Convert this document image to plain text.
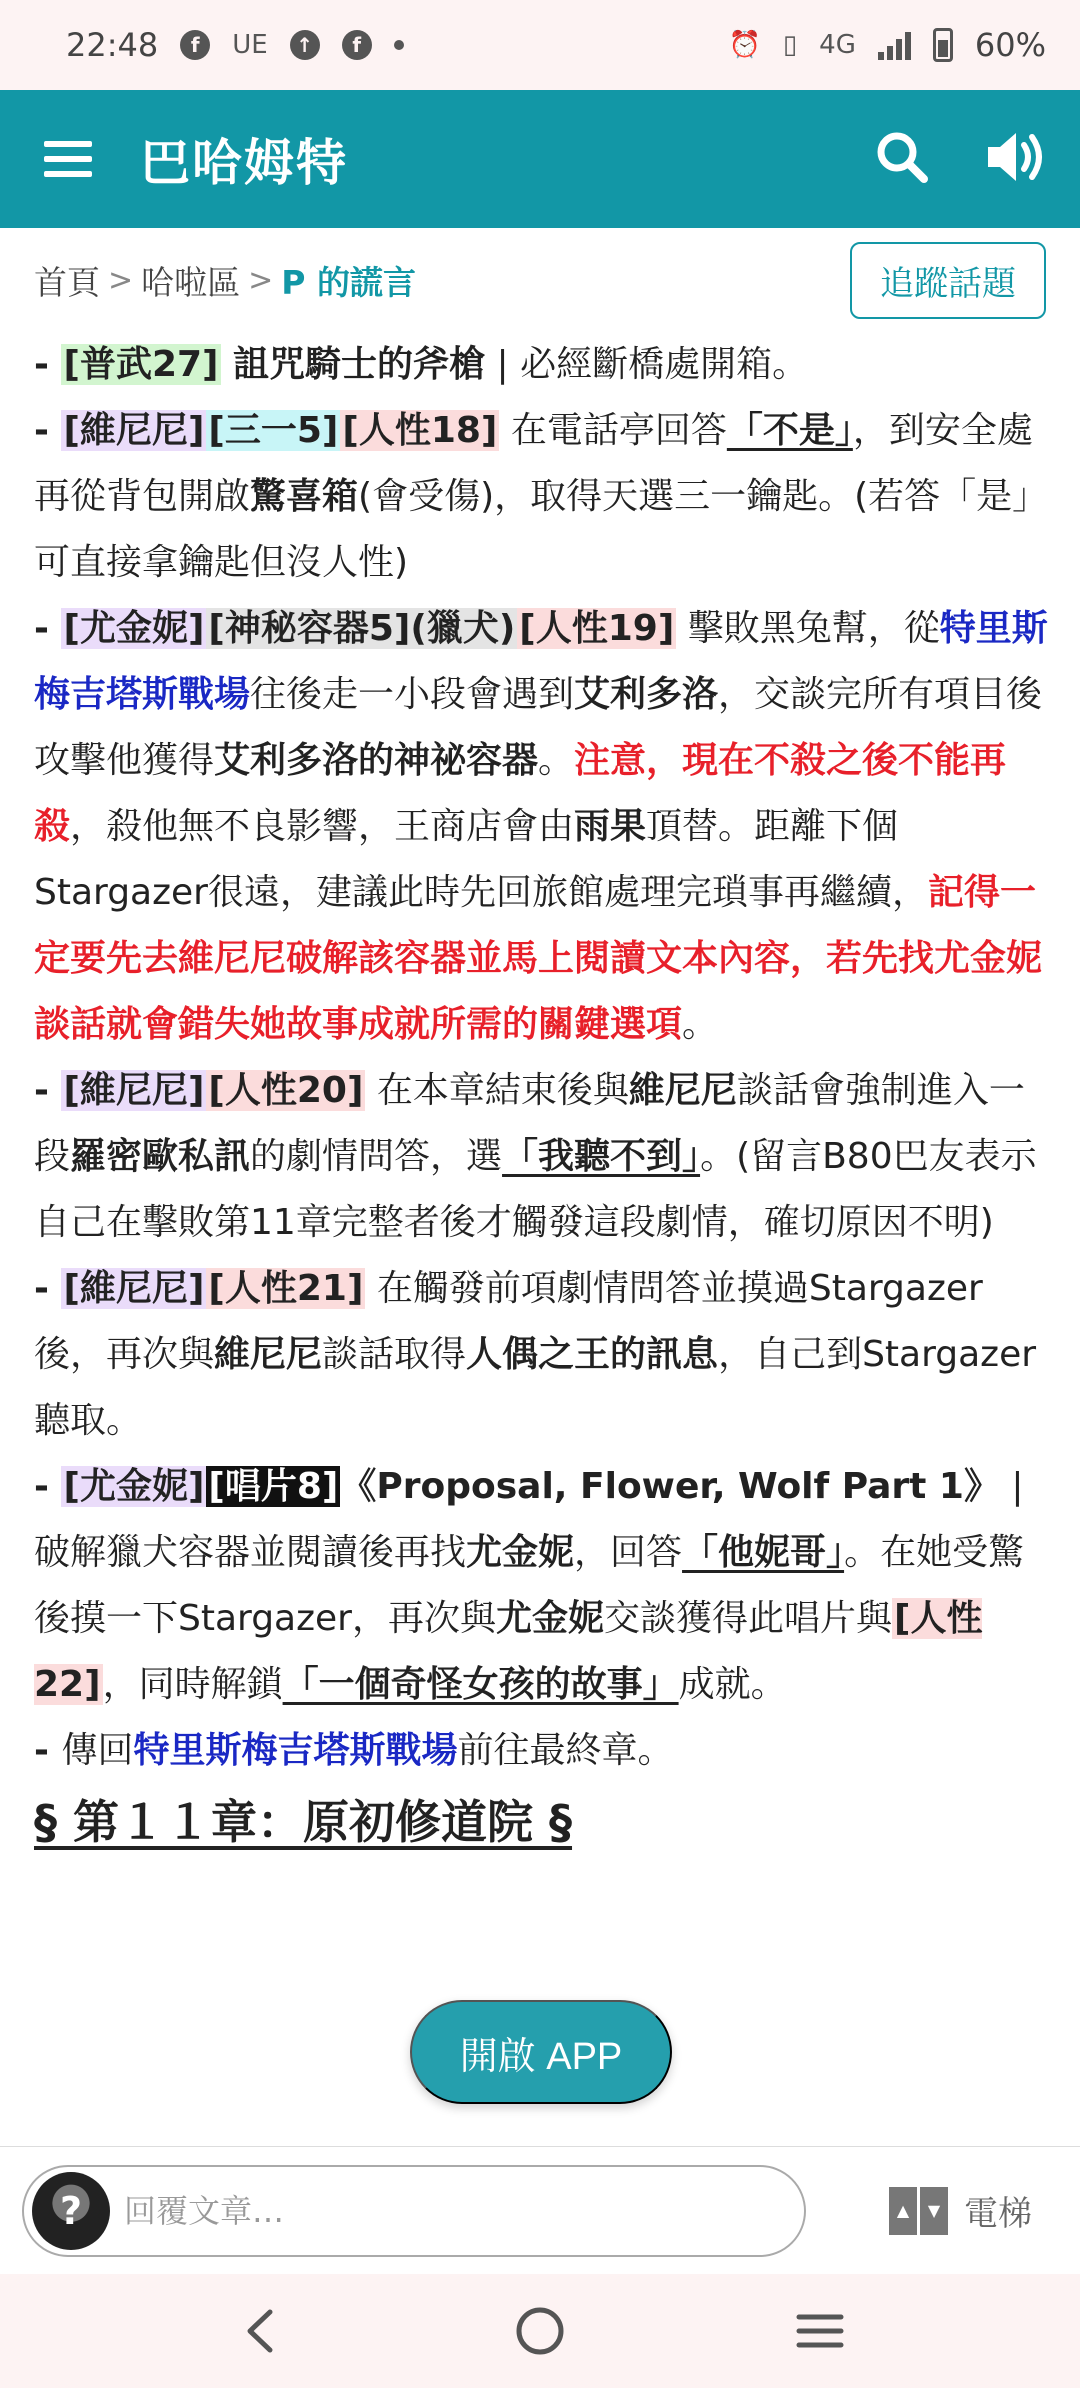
22:48	f	UE	↑	f	⏰ ▯ 4G	60%
巴哈姆特
首頁 > 哈啦區 > P 的謊言	追蹤話題

- [普武27] 詛咒騎士的斧槍 | 必經斷橋處開箱。

- [維尼尼] [三一5] [人性18] 在電話亭回答「不是」，到安全處再從背包開啟驚喜箱(會受傷)，取得天選三一鑰匙。(若答「是」可直接拿鑰匙但沒人性)

- [尤金妮] [神秘容器5](獵犬) [人性19] 擊敗黑兔幫，從特里斯梅吉塔斯戰場往後走一小段會遇到艾利多洛，交談完所有項目後攻擊他獲得艾利多洛的神祕容器。注意，現在不殺之後不能再殺，殺他無不良影響，王商店會由雨果頂替。距離下個Stargazer很遠，建議此時先回旅館處理完瑣事再繼續，記得一定要先去維尼尼破解該容器並馬上閱讀文本內容，若先找尤金妮談話就會錯失她故事成就所需的關鍵選項。

- [維尼尼] [人性20] 在本章結束後與維尼尼談話會強制進入一段羅密歐私訊的劇情問答，選「我聽不到」。(留言B80巴友表示自己在擊敗第11章完整者後才觸發這段劇情，確切原因不明)

- [維尼尼] [人性21] 在觸發前項劇情問答並摸過Stargazer後，再次與維尼尼談話取得人偶之王的訊息，自己到Stargazer聽取。

- [尤金妮] [唱片8]《Proposal, Flower, Wolf Part 1》 | 破解獵犬容器並閱讀後再找尤金妮，回答「他妮哥」。在她受驚後摸一下Stargazer，再次與尤金妮交談獲得此唱片與[人性22]，同時解鎖「一個奇怪女孩的故事」成就。

- 傳回特里斯梅吉塔斯戰場前往最終章。

§ 第１１章：原初修道院 §

開啟 APP
?
回覆文章…	▲	▼ 電梯
